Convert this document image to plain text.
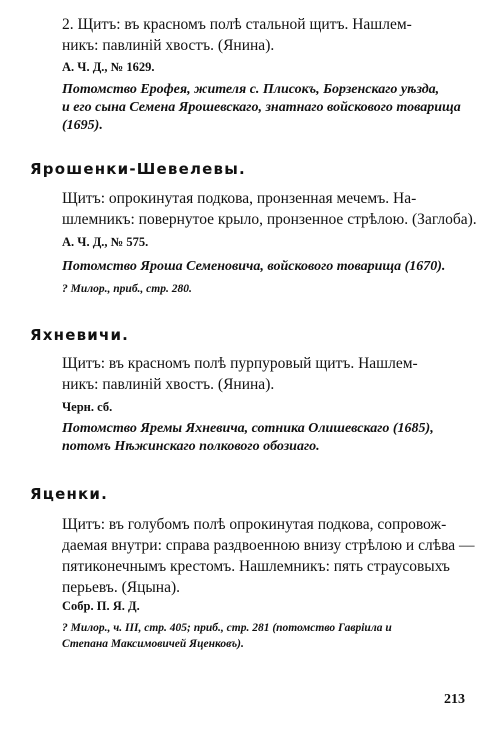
2. Щитъ: въ красномъ полѣ стальной щитъ. Нашлем-
никъ: павлиній хвостъ. (Янина).

А. Ч. Д., № 1629.

Потомство Ерофея, жителя с. Плисокъ, Борзенскаго уѣзда,
и его сына Семена Ярошевскаго, знатнаго войскового товарища
(1695).

Ярошенки-Шевелевы.

Щитъ: опрокинутая подкова, пронзенная мечемъ. На-
шлемникъ: повернутое крыло, пронзенное стрѣлою. (Заглоба).

А. Ч. Д., № 575.

Потомство Яроша Семеновича, войскового товарища (1670).

? Милор., приб., стр. 280.

Яхневичи.

Щитъ: въ красномъ полѣ пурпуровый щитъ. Нашлем-
никъ: павлиній хвостъ. (Янина).

Черн. сб.

Потомство Яремы Яхневича, сотника Олишевскаго (1685),
потомъ Нѣжинскаго полкового обозиаго.

Яценки.

Щитъ: въ голубомъ полѣ опрокинутая подкова, сопровож-
даемая внутри: справа раздвоенною внизу стрѣлою и слѣва —
пятиконечнымъ крестомъ. Нашлемникъ: пять страусовыхъ
перьевъ. (Яцына).

Собр. П. Я. Д.

? Милор., ч. III, стр. 405; приб., стр. 281 (потомство Гавріила и
Степана Максимовичей Яценковъ).

213
